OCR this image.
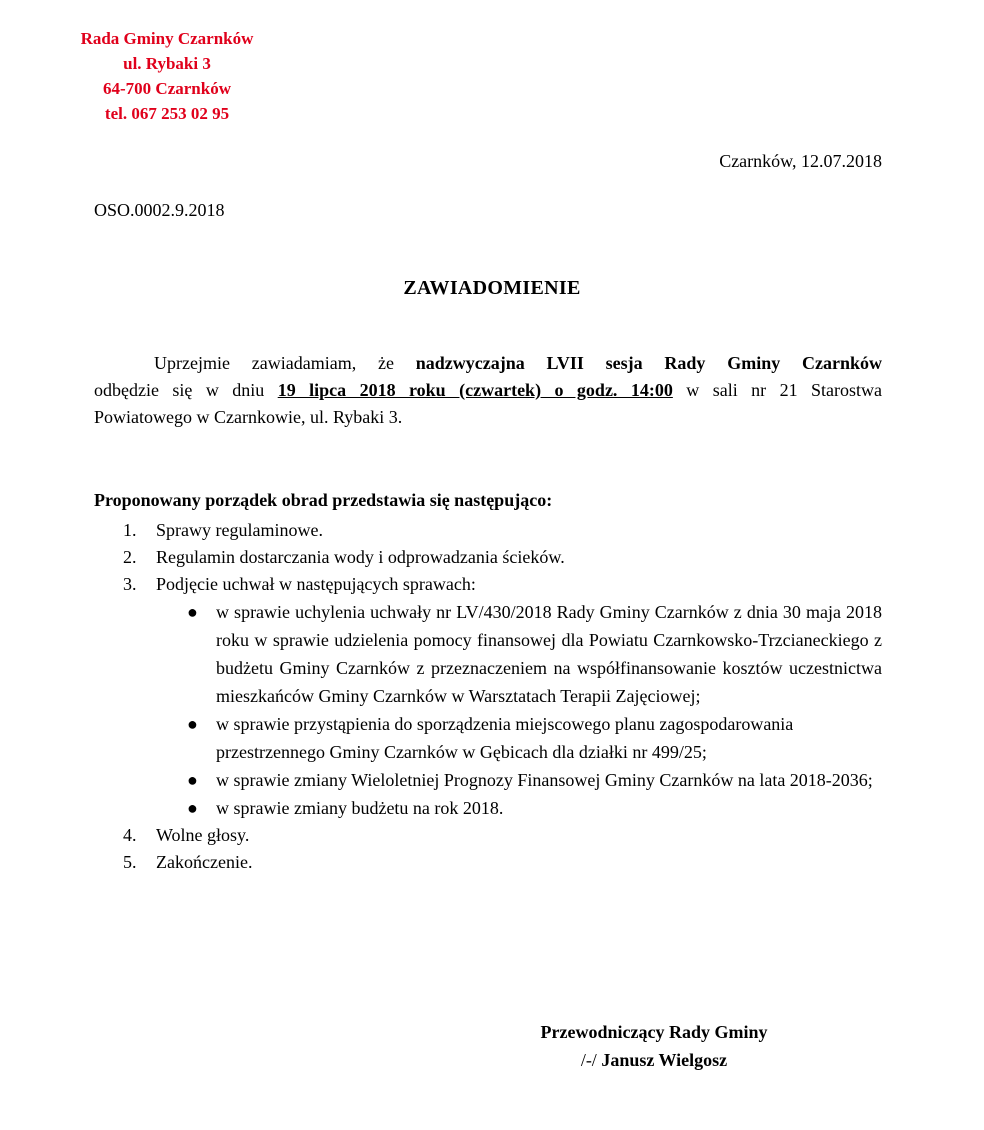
Rada Gminy Czarnków
ul. Rybaki 3
64-700 Czarnków
tel. 067 253 02 95
Czarnków, 12.07.2018
OSO.0002.9.2018
ZAWIADOMIENIE
Uprzejmie zawiadamiam, że nadzwyczajna LVII sesja Rady Gminy Czarnków
odbędzie się w dniu 19 lipca 2018 roku (czwartek) o godz. 14:00 w sali nr 21 Starostwa
Powiatowego w Czarnkowie, ul. Rybaki 3.
Proponowany porządek obrad przedstawia się następująco:
1. Sprawy regulaminowe.
2. Regulamin dostarczania wody i odprowadzania ścieków.
3. Podjęcie uchwał w następujących sprawach:
● w sprawie uchylenia uchwały nr LV/430/2018 Rady Gminy Czarnków z dnia 30 maja 2018 roku w sprawie udzielenia pomocy finansowej dla Powiatu Czarnkowsko-Trzcianeckiego z budżetu Gminy Czarnków z przeznaczeniem na współfinansowanie kosztów uczestnictwa mieszkańców Gminy Czarnków w Warsztatach Terapii Zajęciowej;
● w sprawie przystąpienia do sporządzenia miejscowego planu zagospodarowania przestrzennego Gminy Czarnków w Gębicach dla działki nr 499/25;
● w sprawie zmiany Wieloletniej Prognozy Finansowej Gminy Czarnków na lata 2018-2036;
● w sprawie zmiany budżetu na rok 2018.
4. Wolne głosy.
5. Zakończenie.
Przewodniczący Rady Gminy
/-/ Janusz Wielgosz
